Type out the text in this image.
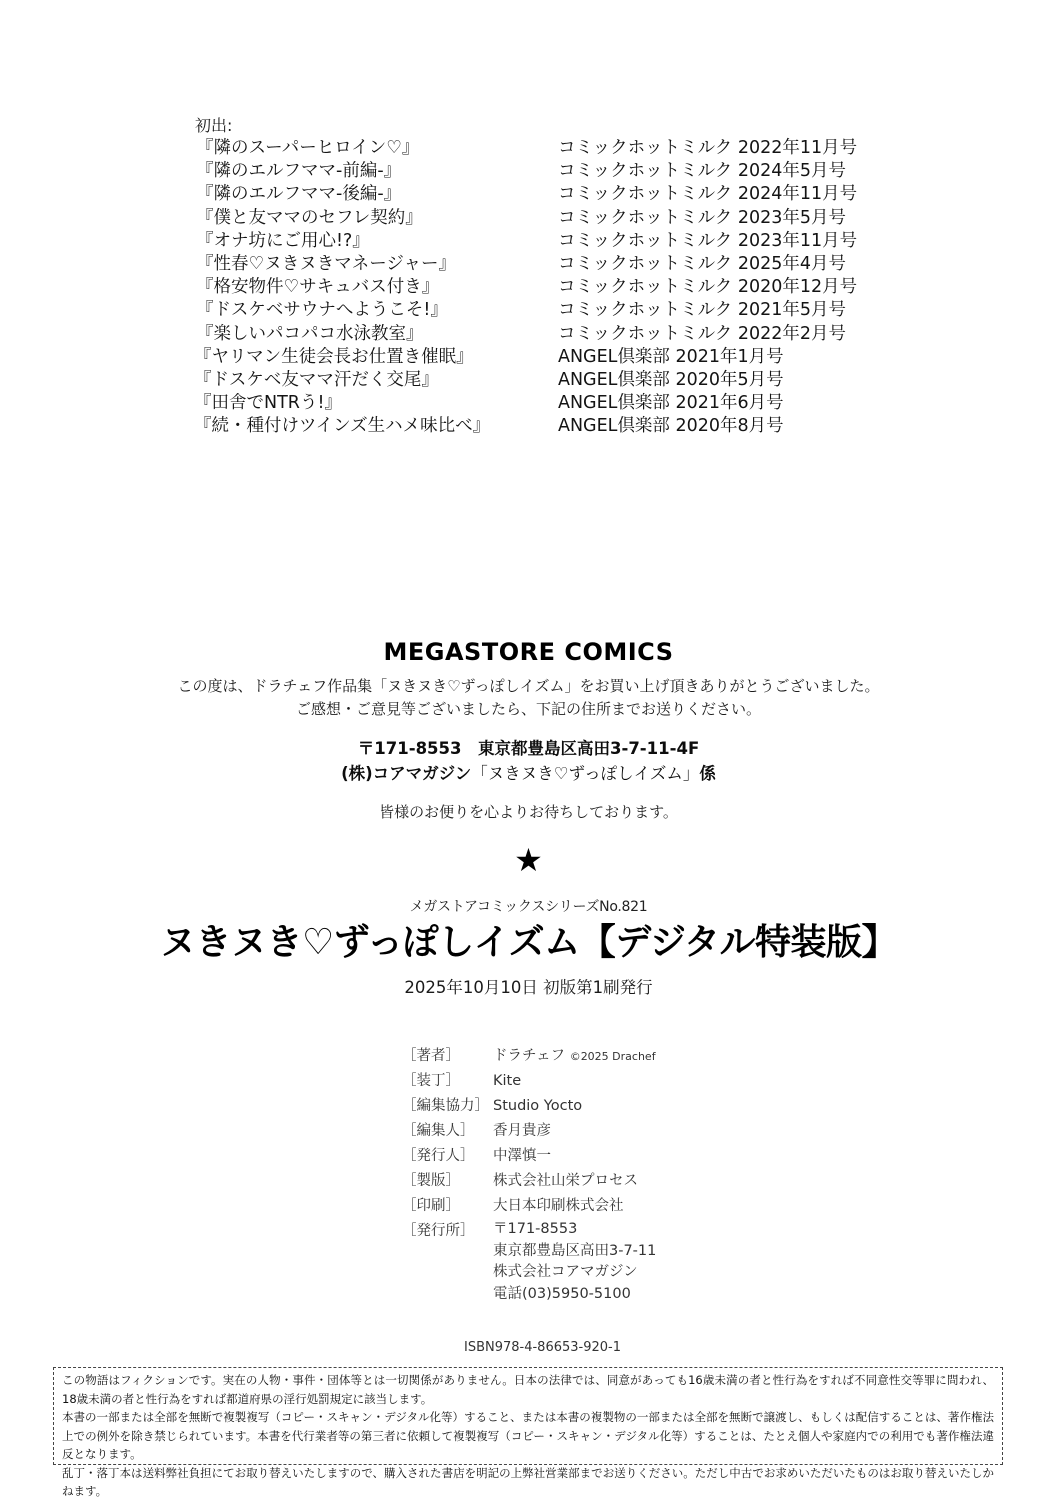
初出:
『隣のスーパーヒロイン♡』	コミックホットミルク 2022年11月号
『隣のエルフママ-前編-』	コミックホットミルク 2024年5月号
『隣のエルフママ-後編-』	コミックホットミルク 2024年11月号
『僕と友ママのセフレ契約』	コミックホットミルク 2023年5月号
『オナ坊にご用心!?』	コミックホットミルク 2023年11月号
『性春♡ヌきヌきマネージャー』	コミックホットミルク 2025年4月号
『格安物件♡サキュバス付き』	コミックホットミルク 2020年12月号
『ドスケベサウナへようこそ!』	コミックホットミルク 2021年5月号
『楽しいパコパコ水泳教室』	コミックホットミルク 2022年2月号
『ヤリマン生徒会長お仕置き催眠』	ANGEL倶楽部 2021年1月号
『ドスケベ友ママ汗だく交尾』	ANGEL倶楽部 2020年5月号
『田舎でNTRう!』	ANGEL倶楽部 2021年6月号
『続・種付けツインズ生ハメ味比べ』	ANGEL倶楽部 2020年8月号
MEGASTORE COMICS
この度は、ドラチェフ作品集「ヌきヌき♡ずっぽしイズム」をお買い上げ頂きありがとうございました。
ご感想・ご意見等ございましたら、下記の住所までお送りください。
〒171-8553　東京都豊島区高田3-7-11-4F
(株)コアマガジン「ヌきヌき♡ずっぽしイズム」係
皆様のお便りを心よりお待ちしております。
★
メガストアコミックスシリーズNo.821
ヌきヌき♡ずっぽしイズム【デジタル特装版】
2025年10月10日 初版第1刷発行
［著者］ ドラチェフ ©2025 Drachef
［装丁］ Kite
［編集協力］ Studio Yocto
［編集人］ 香月貴彦
［発行人］ 中澤慎一
［製版］ 株式会社山栄プロセス
［印刷］ 大日本印刷株式会社
［発行所］ 〒171-8553
東京都豊島区高田3-7-11
株式会社コアマガジン
電話(03)5950-5100
ISBN978-4-86653-920-1

この物語はフィクションです。実在の人物・事件・団体等とは一切関係がありません。日本の法律では、同意があっても16歳未満の者と性行為をすれば不同意性交等罪に問われ、18歳未満の者と性行為をすれば都道府県の淫行処罰規定に該当します。

本書の一部または全部を無断で複製複写（コピー・スキャン・デジタル化等）すること、または本書の複製物の一部または全部を無断で譲渡し、もしくは配信することは、著作権法上での例外を除き禁じられています。本書を代行業者等の第三者に依頼して複製複写（コピー・スキャン・デジタル化等）することは、たとえ個人や家庭内での利用でも著作権法違反となります。

乱丁・落丁本は送料弊社負担にてお取り替えいたしますので、購入された書店を明記の上弊社営業部までお送りください。ただし中古でお求めいただいたものはお取り替えいたしかねます。
